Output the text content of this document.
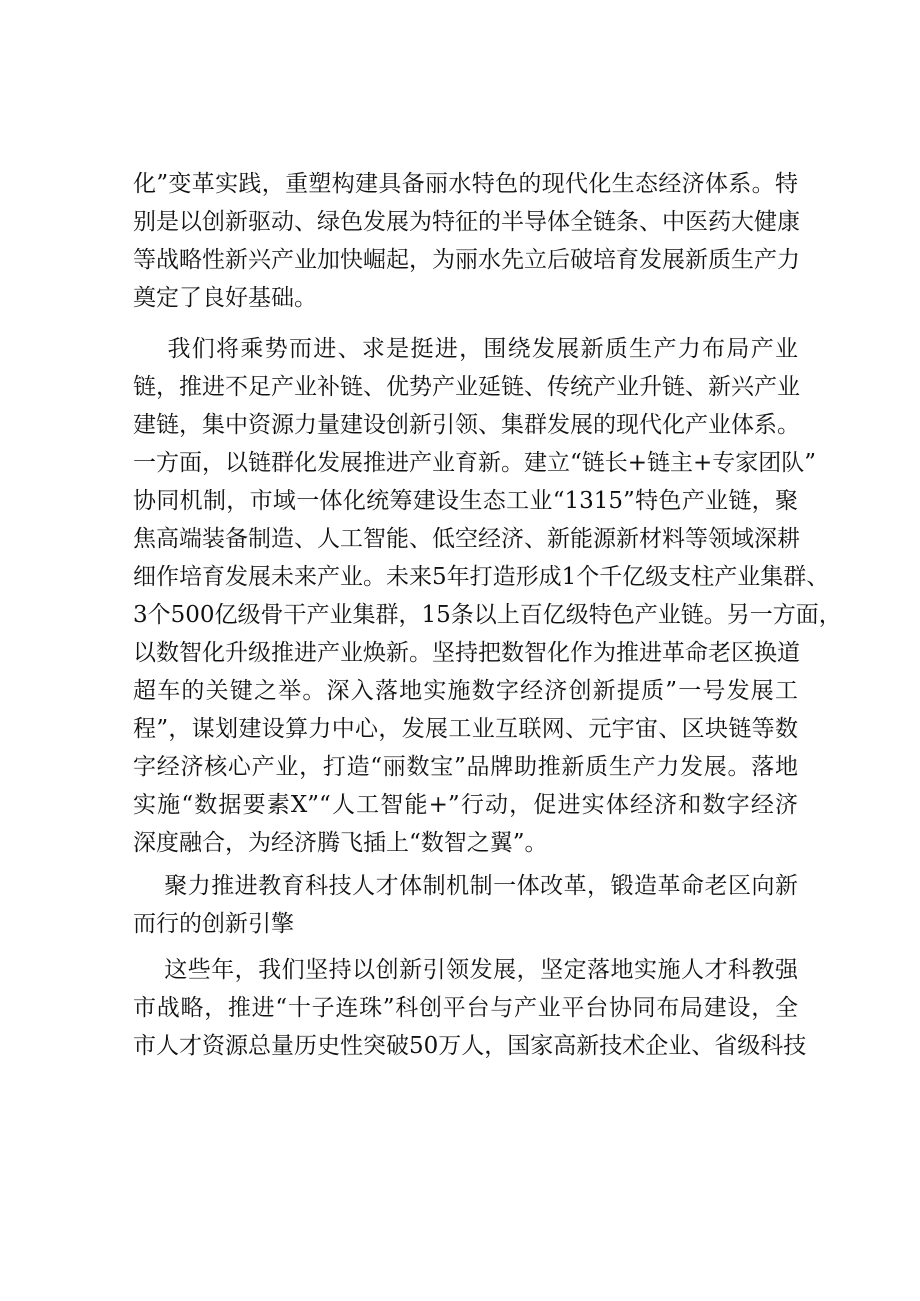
化”变革实践，重塑构建具备丽水特色的现代化生态经济体系。特
别是以创新驱动、绿色发展为特征的半导体全链条、中医药大健康
等战略性新兴产业加快崛起，为丽水先立后破培育发展新质生产力
奠定了良好基础。
我们将乘势而进、求是挺进，围绕发展新质生产力布局产业
链，推进不足产业补链、优势产业延链、传统产业升链、新兴产业
建链，集中资源力量建设创新引领、集群发展的现代化产业体系。
一方面，以链群化发展推进产业育新。建立“链长+链主+专家团队”
协同机制，市域一体化统筹建设生态工业“1315”特色产业链，聚
焦高端装备制造、人工智能、低空经济、新能源新材料等领域深耕
细作培育发展未来产业。未来5年打造形成1个千亿级支柱产业集群、
3个500亿级骨干产业集群，15条以上百亿级特色产业链。另一方面，
以数智化升级推进产业焕新。坚持把数智化作为推进革命老区换道
超车的关键之举。深入落地实施数字经济创新提质”一号发展工
程”，谋划建设算力中心，发展工业互联网、元宇宙、区块链等数
字经济核心产业，打造“丽数宝”品牌助推新质生产力发展。落地
实施“数据要素X”“人工智能+”行动，促进实体经济和数字经济
深度融合，为经济腾飞插上“数智之翼”。
聚力推进教育科技人才体制机制一体改革，锻造革命老区向新
而行的创新引擎
这些年，我们坚持以创新引领发展，坚定落地实施人才科教强
市战略，推进“十子连珠”科创平台与产业平台协同布局建设，全
市人才资源总量历史性突破50万人，国家高新技术企业、省级科技
